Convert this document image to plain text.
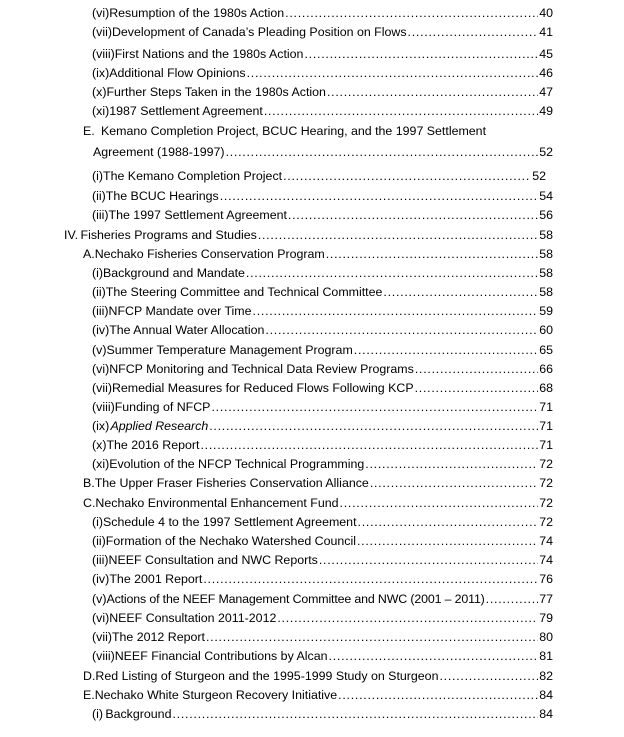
(vi) Resumption of the 1980s Action . . .	40
(vii) Development of Canada’s Pleading Position on Flows . . .	41
(viii) First Nations and the 1980s Action . . .	45
(ix) Additional Flow Opinions . . .	46
(x) Further Steps Taken in the 1980s Action . . .	47
(xi) 1987 Settlement Agreement . . .	49
E. Kemano Completion Project, BCUC Hearing, and the 1997 Settlement
Agreement (1988-1997) . . .	52
(i) The Kemano Completion Project . . .	52
(ii) The BCUC Hearings . . .	54
(iii) The 1997 Settlement Agreement . . .	56
IV. Fisheries Programs and Studies . . .	58
A. Nechako Fisheries Conservation Program . . .	58
(i) Background and Mandate . . .	58
(ii) The Steering Committee and Technical Committee . . .	58
(iii) NFCP Mandate over Time . . .	59
(iv) The Annual Water Allocation . . .	60
(v) Summer Temperature Management Program . . .	65
(vi) NFCP Monitoring and Technical Data Review Programs . . .	66
(vii) Remedial Measures for Reduced Flows Following KCP . . .	68
(viii) Funding of NFCP . . .	71
(ix) Applied Research . . .	71
(x) The 2016 Report . . .	71
(xi) Evolution of the NFCP Technical Programming . . .	72
B. The Upper Fraser Fisheries Conservation Alliance . . .	72
C. Nechako Environmental Enhancement Fund . . .	72
(i) Schedule 4 to the 1997 Settlement Agreement . . .	72
(ii) Formation of the Nechako Watershed Council . . .	74
(iii) NEEF Consultation and NWC Reports . . .	74
(iv) The 2001 Report . . .	76
(v) Actions of the NEEF Management Committee and NWC (2001 – 2011) . . .	77
(vi) NEEF Consultation 2011-2012 . . .	79
(vii) The 2012 Report . . .	80
(viii) NEEF Financial Contributions by Alcan . . .	81
D. Red Listing of Sturgeon and the 1995-1999 Study on Sturgeon . . .	82
E. Nechako White Sturgeon Recovery Initiative . . .	84
(i) Background . . .	84
